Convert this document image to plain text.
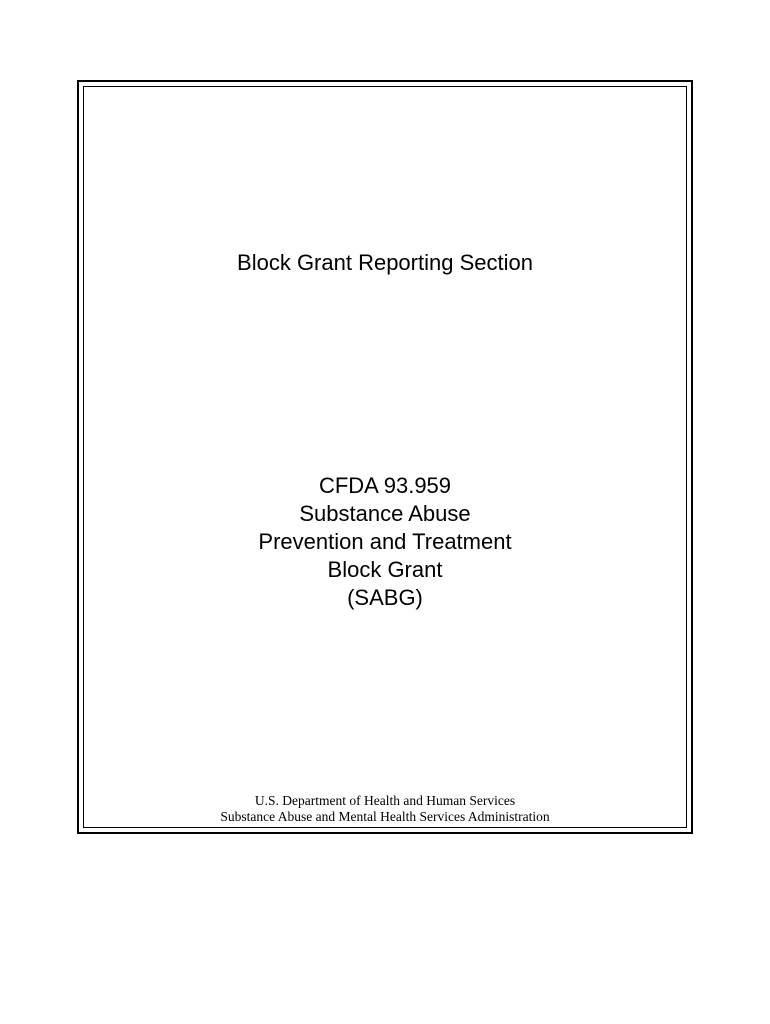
Block Grant Reporting Section
CFDA 93.959
Substance Abuse
Prevention and Treatment
Block Grant
(SABG)
U.S. Department of Health and Human Services
Substance Abuse and Mental Health Services Administration
